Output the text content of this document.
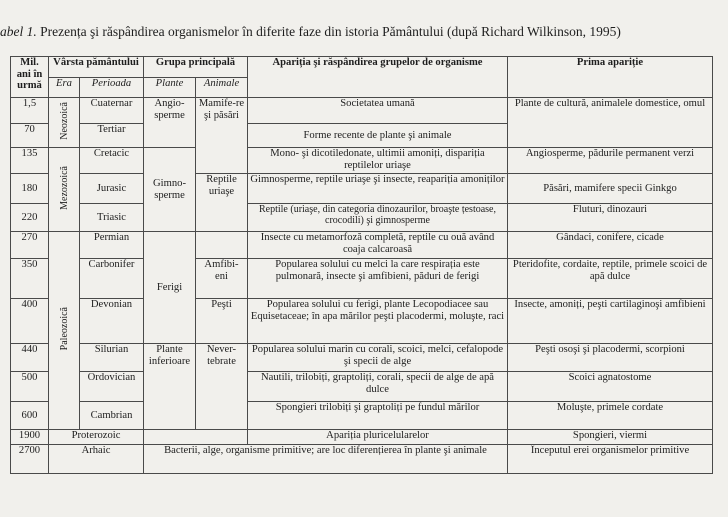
abel 1. Prezența şi răspândirea organismelor în diferite faze din istoria Pământului (după Richard Wilkinson, 1995)
Mil. ani în urmă	Vârsta pământului		Grupa principală		Apariția şi răspândirea grupelor de organisme	Prima apariție
	Era	Perioada	Plante	Animale		
1,5	Neozoică	Cuaternar	Angio-sperme	Mamife-re şi păsări	Societatea umană	Plante de cultură, animalele domestice, omul
70		Tertiar			Forme recente de plante şi animale	
135	Mezozoică	Cretacic	Gimno-sperme		Mono- şi dicotiledonate, ultimii amoniți, dispariția reptilelor uriaşe	Angiosperme, pădurile permanent verzi
180		Jurasic		Reptile uriaşe	Gimnosperme, reptile uriaşe şi insecte, reapariția amoniților	Păsări, mamifere specii Ginkgo
220		Triasic			Reptile (uriaşe, din categoria dinozaurilor, broaşte țestoase, crocodili) şi gimnosperme	Fluturi, dinozauri
270	Paleozoică	Permian	Ferigi		Insecte cu metamorfoză completă, reptile cu ouă având coaja calcaroasă	Gândaci, conifere, cicade
350		Carbonifer		Amfibi-eni	Popularea solului cu melci la care respirația este pulmonară, insecte şi amfibieni, păduri de ferigi	Pteridofite, cordaite, reptile, primele scoici de apă dulce
400		Devonian		Peşti	Popularea solului cu ferigi, plante Lecopodiacee sau Equisetaceae; în apa mărilor peşti placodermi, moluşte, raci	Insecte, amoniți, peşti cartilaginoşi amfibieni
440		Silurian	Plante inferioare	Never-tebrate	Popularea solului marin cu corali, scoici, melci, cefalopode şi specii de alge	Peşti osoşi şi placodermi, scorpioni
500		Ordovician			Nautili, trilobiți, graptoliți, corali, specii de alge de apă dulce	Scoici agnatostome
600		Cambrian			Spongieri trilobiți şi graptoliți pe fundul mărilor	Moluşte, primele cordate
1900	Proterozoic				Apariția pluricelularelor	Spongieri, viermi
2700	Arhaic		Bacterii, alge, organisme primitive; are loc diferențierea în plante şi animale			Începutul erei organismelor primitive
